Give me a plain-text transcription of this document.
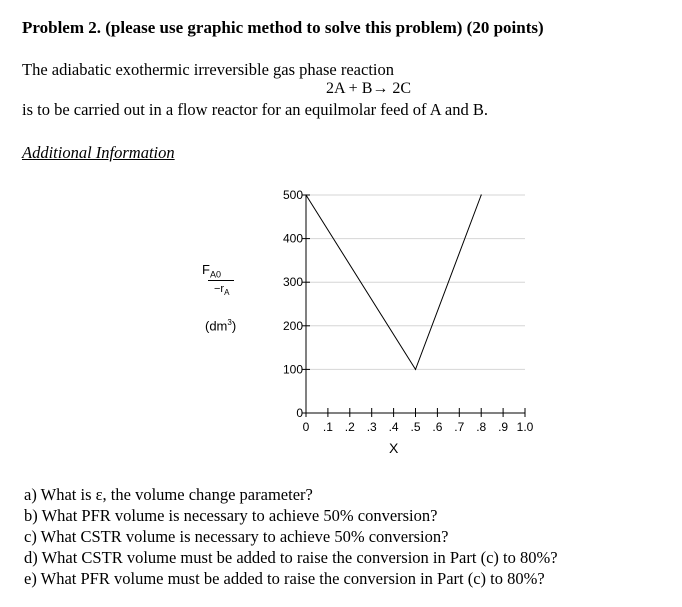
Problem 2. (please use graphic method to solve this problem) (20 points)
The adiabatic exothermic irreversible gas phase reaction
2A + B→ 2C
is to be carried out in a flow reactor for an equilmolar feed of A and B.
Additional Information
$F_{A0}$
$-r_A$
$(dm^3)$
0
100
200
300
400
500
0 .1 .2 .3 .4 .5 .6 .7 .8 .9 1.0
X
a) What is ε, the volume change parameter?
b) What PFR volume is necessary to achieve 50% conversion?
c) What CSTR volume is necessary to achieve 50% conversion?
d) What CSTR volume must be added to raise the conversion in Part (c) to 80%?
e) What PFR volume must be added to raise the conversion in Part (c) to 80%?
